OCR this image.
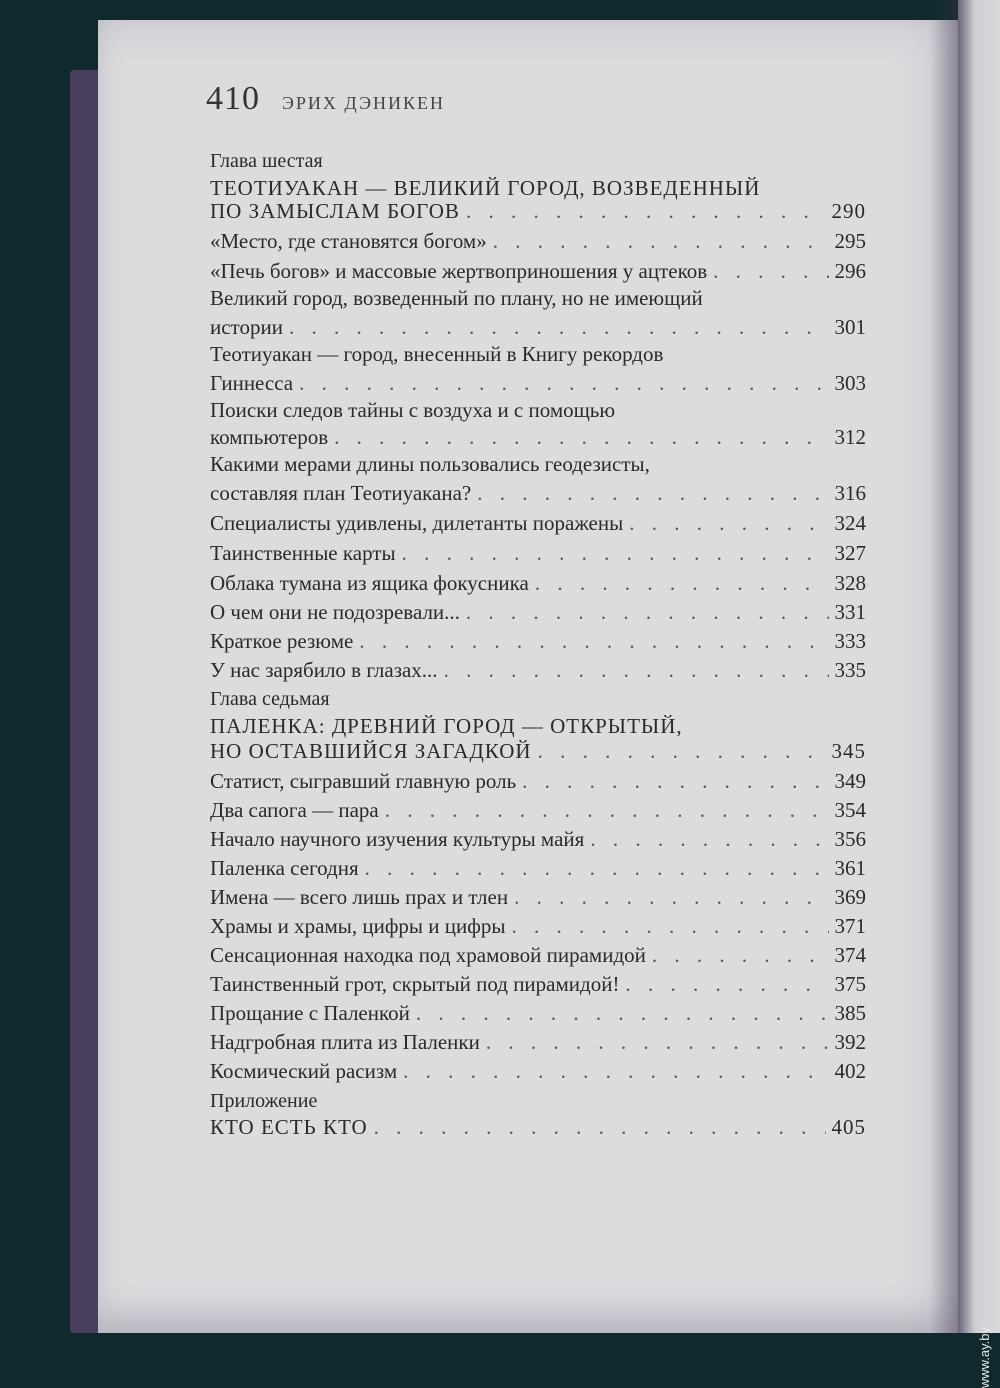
410 ЭРИХ ДЭНИКЕН
Глава шестая
ТЕОТИУАКАН — ВЕЛИКИЙ ГОРОД, ВОЗВЕДЕННЫЙ
ПО ЗАМЫСЛАМ БОГОВ . . .	290
«Место, где становятся богом» . . .	295
«Печь богов» и массовые жертвоприношения у ацтеков . . .	296
Великий город, возведенный по плану, но не имеющий
истории . . .	301
Теотиуакан — город, внесенный в Книгу рекордов
Гиннесса . . .	303
Поиски следов тайны с воздуха и с помощью
компьютеров . . .	312
Какими мерами длины пользовались геодезисты,
составляя план Теотиуакана? . . .	316
Специалисты удивлены, дилетанты поражены . . .	324
Таинственные карты . . .	327
Облака тумана из ящика фокусника . . .	328
О чем они не подозревали... . . .	331
Краткое резюме . . .	333
У нас зарябило в глазах... . . .	335
Глава седьмая
ПАЛЕНКА: ДРЕВНИЙ ГОРОД — ОТКРЫТЫЙ,
НО ОСТАВШИЙСЯ ЗАГАДКОЙ . . .	345
Статист, сыгравший главную роль . . .	349
Два сапога — пара . . .	354
Начало научного изучения культуры майя . . .	356
Паленка сегодня . . .	361
Имена — всего лишь прах и тлен . . .	369
Храмы и храмы, цифры и цифры . . .	371
Сенсационная находка под храмовой пирамидой . . .	374
Таинственный грот, скрытый под пирамидой! . . .	375
Прощание с Паленкой . . .	385
Надгробная плита из Паленки . . .	392
Космический расизм . . .	402
Приложение
КТО ЕСТЬ КТО . . .	405
www.ay.by
